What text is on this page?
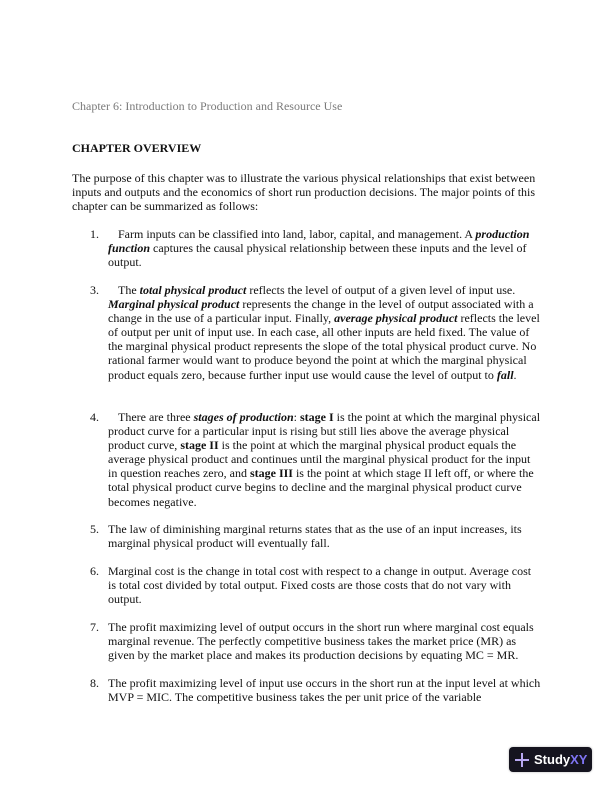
Chapter 6: Introduction to Production and Resource Use
CHAPTER OVERVIEW
The purpose of this chapter was to illustrate the various physical relationships that exist between inputs and outputs and the economics of short run production decisions. The major points of this chapter can be summarized as follows:
1.	Farm inputs can be classified into land, labor, capital, and management. A production function captures the causal physical relationship between these inputs and the level of output.
3.	The total physical product reflects the level of output of a given level of input use. Marginal physical product represents the change in the level of output associated with a change in the use of a particular input. Finally, average physical product reflects the level of output per unit of input use. In each case, all other inputs are held fixed. The value of the marginal physical product represents the slope of the total physical product curve. No rational farmer would want to produce beyond the point at which the marginal physical product equals zero, because further input use would cause the level of output to fall.
4.	There are three stages of production: stage I is the point at which the marginal physical product curve for a particular input is rising but still lies above the average physical product curve, stage II is the point at which the marginal physical product equals the average physical product and continues until the marginal physical product for the input in question reaches zero, and stage III is the point at which stage II left off, or where the total physical product curve begins to decline and the marginal physical product curve becomes negative.
5. The law of diminishing marginal returns states that as the use of an input increases, its marginal physical product will eventually fall.
6. Marginal cost is the change in total cost with respect to a change in output. Average cost is total cost divided by total output. Fixed costs are those costs that do not vary with output.
7. The profit maximizing level of output occurs in the short run where marginal cost equals marginal revenue. The perfectly competitive business takes the market price (MR) as given by the market place and makes its production decisions by equating MC = MR.
8. The profit maximizing level of input use occurs in the short run at the input level at which MVP = MIC. The competitive business takes the per unit price of the variable
Study XY
